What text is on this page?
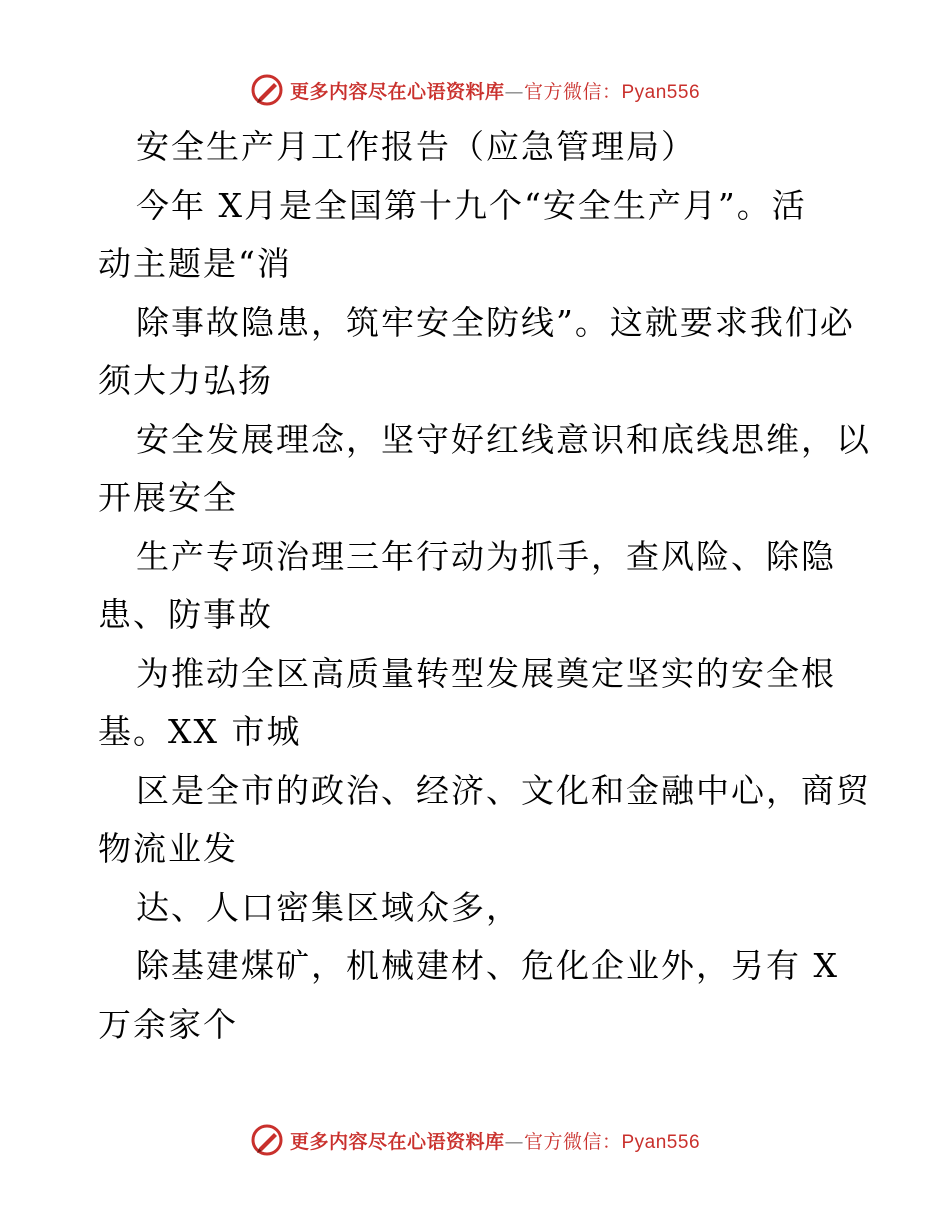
更多内容尽在心语资料库—官方微信：Pyan556
安全生产月工作报告（应急管理局）
今年 X月是全国第十九个“安全生产月”。活
动主题是“消
除事故隐患，筑牢安全防线”。这就要求我们必
须大力弘扬
安全发展理念，坚守好红线意识和底线思维，以
开展安全
生产专项治理三年行动为抓手，查风险、除隐
患、防事故
为推动全区高质量转型发展奠定坚实的安全根
基。XX 市城
区是全市的政治、经济、文化和金融中心，商贸
物流业发
达、人口密集区域众多，
除基建煤矿，机械建材、危化企业外，另有 X
万余家个
更多内容尽在心语资料库—官方微信：Pyan556
